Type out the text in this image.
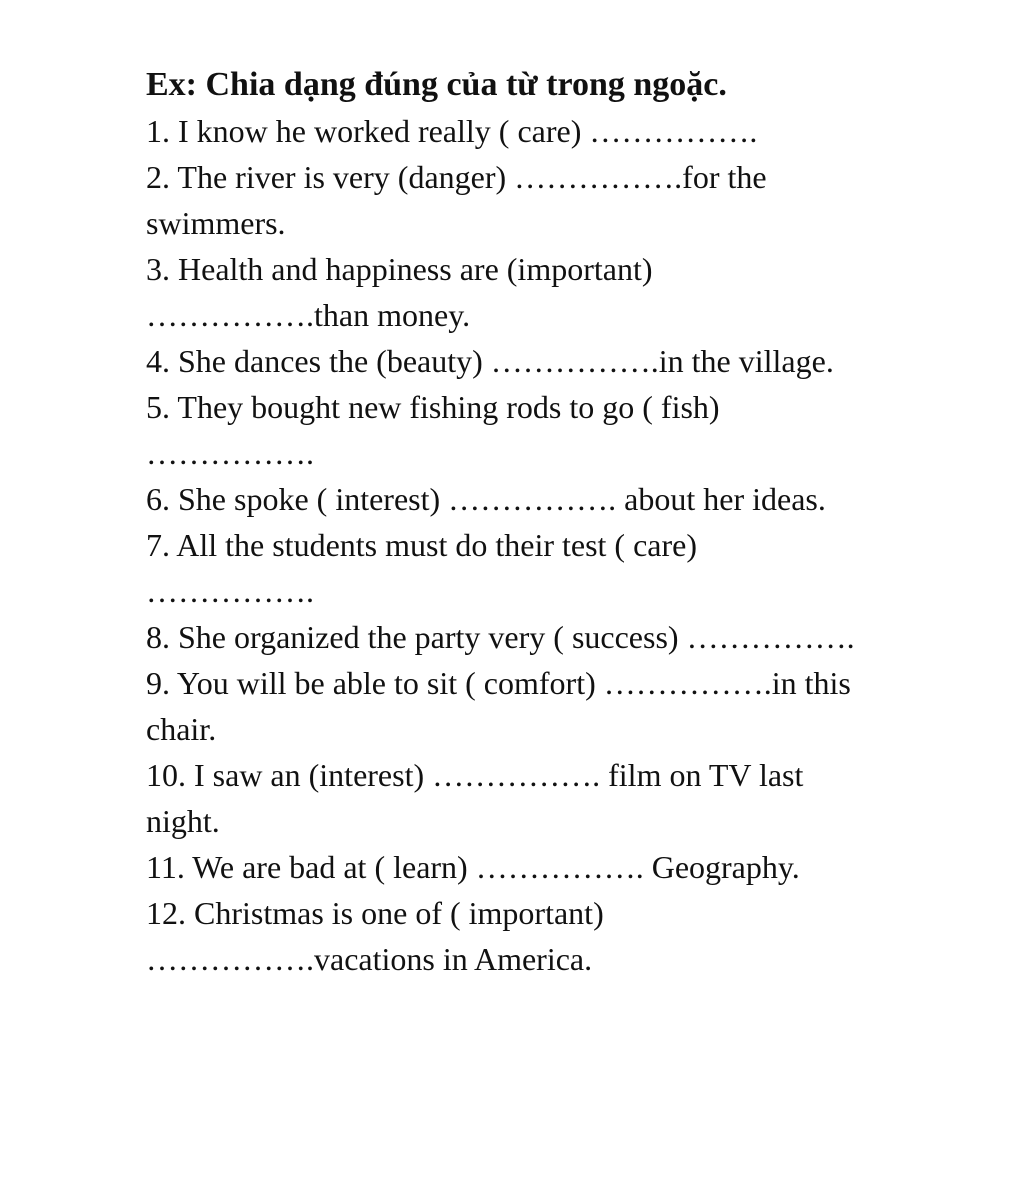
Ex: Chia dạng đúng của từ trong ngoặc.

1. I know he worked really ( care) …………….

2. The river is very (danger) …………….for the

swimmers.

3. Health and happiness are (important)

…………….than money.

4. She dances the (beauty) …………….in the village.

5. They bought new fishing rods to go ( fish)

…………….

6. She spoke ( interest) ……………. about her ideas.

7. All the students must do their test ( care)

…………….

8. She organized the party very ( success) …………….

9. You will be able to sit ( comfort) …………….in this

chair.

10. I saw an (interest) ……………. film on TV last

night.

11. We are bad at ( learn) ……………. Geography.

12. Christmas is one of ( important)

…………….vacations in America.
